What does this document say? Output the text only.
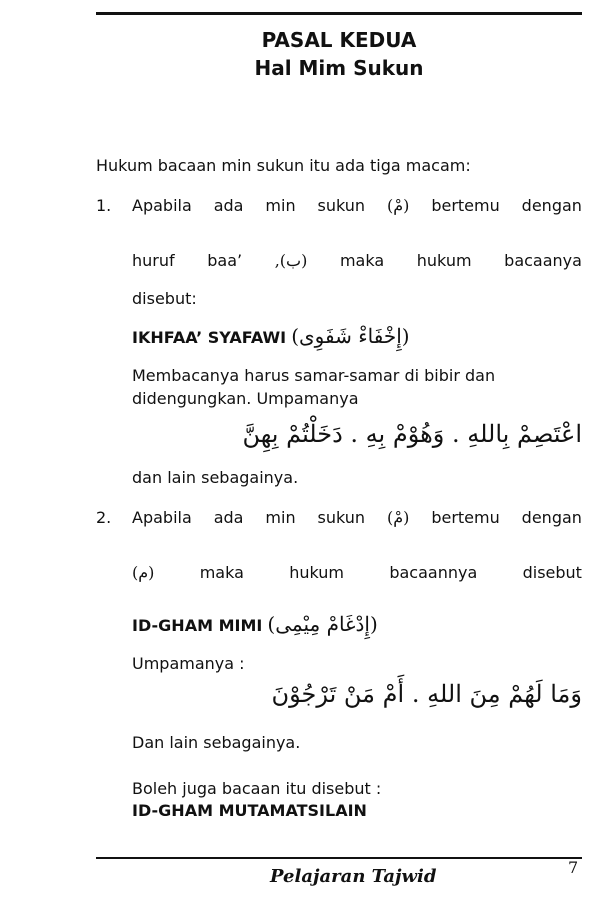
PASAL KEDUA
Hal Mim Sukun
Hukum bacaan min sukun itu ada tiga macam:
1. Apabila ada min sukun (مْ) bertemu dengan
huruf baa’ (ب), maka hukum bacaanya
disebut:
IKHFAA’ SYAFAWI (إِخْفَاءْ شَفَوِى)
Membacanya harus samar-samar di bibir dan
didengungkan. Umpamanya
اعْتَصِمْ بِاللهِ . وَهُوْمْ بِهِ . دَخَلْتُمْ بِهِنَّ
dan lain sebagainya.
2. Apabila ada min sukun (مْ) bertemu dengan
(م)	maka	hukum	bacaannya	disebut
ID-GHAM MIMI (إِدْغَامْ مِيْمِى)
Umpamanya :
وَمَا لَهُمْ مِنَ اللهِ . أَمْ مَنْ تَرْجُوْنَ
Dan lain sebagainya.
Boleh juga bacaan itu disebut :
ID-GHAM MUTAMATSILAIN
Pelajaran Tajwid	7
